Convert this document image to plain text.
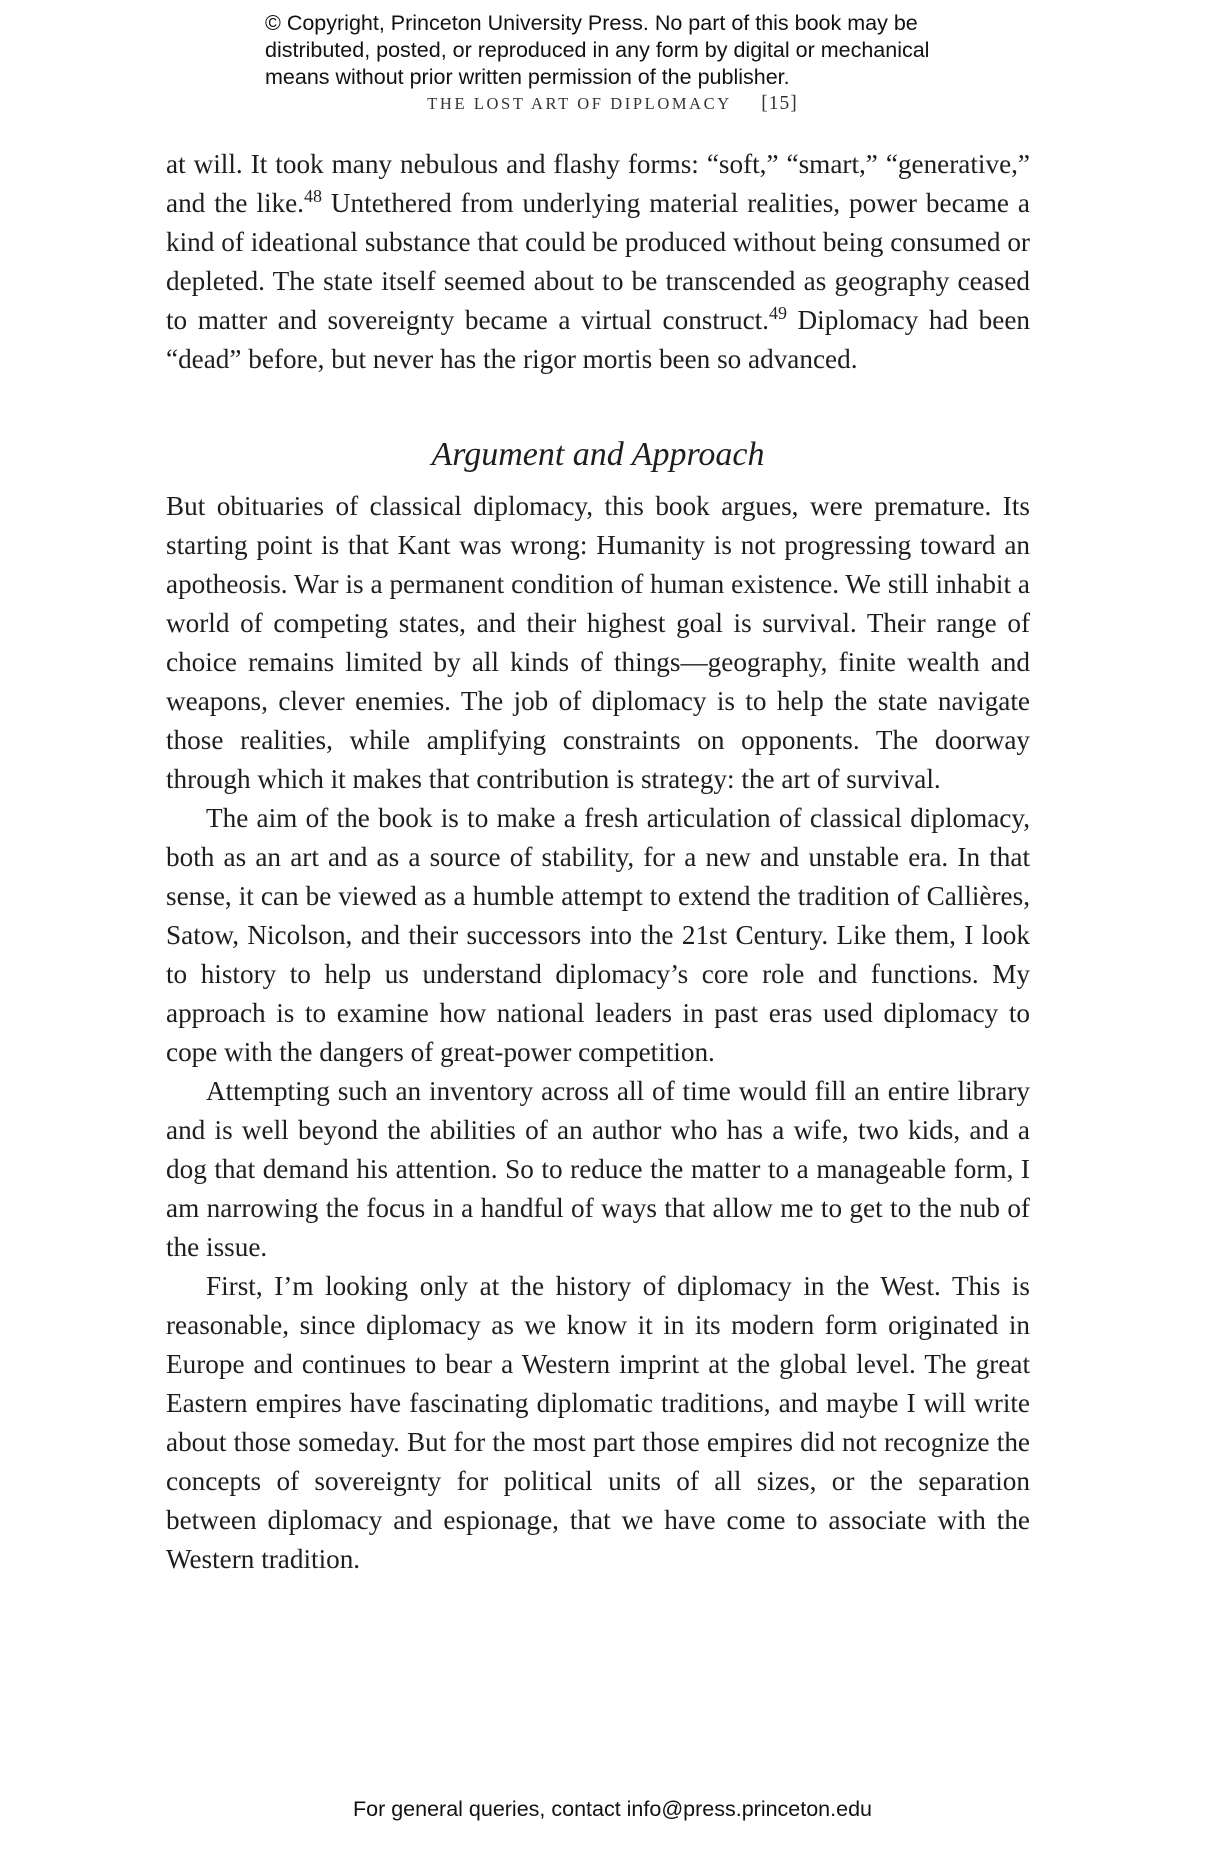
© Copyright, Princeton University Press. No part of this book may be

distributed, posted, or reproduced in any form by digital or mechanical

means without prior written permission of the publisher.

THE LOST ART OF DIPLOMACY [15]

at will. It took many nebulous and flashy forms: “soft,” “smart,” “generative,” and the like.$^{48}$ Untethered from underlying material realities, power became a kind of ideational substance that could be produced without being consumed or depleted. The state itself seemed about to be transcended as geography ceased to matter and sovereignty became a virtual construct.$^{49}$ Diplomacy had been “dead” before, but never has the rigor mortis been so advanced.

Argument and Approach

But obituaries of classical diplomacy, this book argues, were premature. Its starting point is that Kant was wrong: Humanity is not progressing toward an apotheosis. War is a permanent condition of human existence. We still inhabit a world of competing states, and their highest goal is survival. Their range of choice remains limited by all kinds of things—geography, finite wealth and weapons, clever enemies. The job of diplomacy is to help the state navigate those realities, while amplifying constraints on opponents. The doorway through which it makes that contribution is strategy: the art of survival.

The aim of the book is to make a fresh articulation of classical diplomacy, both as an art and as a source of stability, for a new and unstable era. In that sense, it can be viewed as a humble attempt to extend the tradition of Callières, Satow, Nicolson, and their successors into the 21st Century. Like them, I look to history to help us understand diplomacy’s core role and functions. My approach is to examine how national leaders in past eras used diplomacy to cope with the dangers of great-power competition.

Attempting such an inventory across all of time would fill an entire library and is well beyond the abilities of an author who has a wife, two kids, and a dog that demand his attention. So to reduce the matter to a manageable form, I am narrowing the focus in a handful of ways that allow me to get to the nub of the issue.

First, I’m looking only at the history of diplomacy in the West. This is reasonable, since diplomacy as we know it in its modern form originated in Europe and continues to bear a Western imprint at the global level. The great Eastern empires have fascinating diplomatic traditions, and maybe I will write about those someday. But for the most part those empires did not recognize the concepts of sovereignty for political units of all sizes, or the separation between diplomacy and espionage, that we have come to associate with the Western tradition.

For general queries, contact info@press.princeton.edu
